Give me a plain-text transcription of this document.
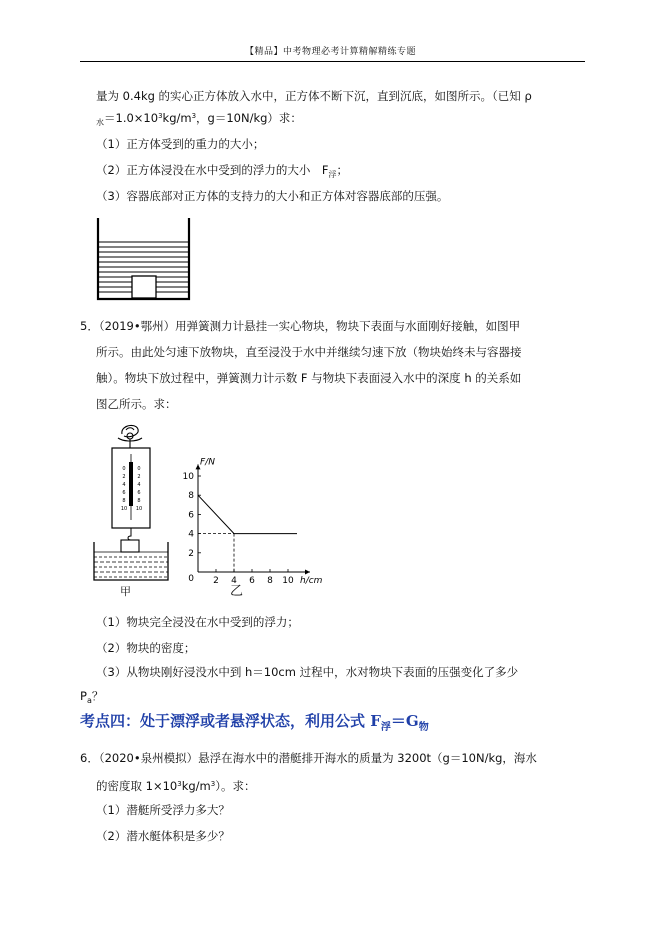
【精品】中考物理必考计算精解精练专题
量为 0.4kg 的实心正方体放入水中，正方体不断下沉，直到沉底，如图所示。（已知 ρ
$_水=1.0\times 10^3kg/m^3$，g＝10N/kg）求：
（1）正方体受到的重力的大小；
（2）正方体浸没在水中受到的浮力的大小　$F_浮$；
（3）容器底部对正方体的支持力的大小和正方体对容器底部的压强。
5．（2019•鄂州）用弹簧测力计悬挂一实心物块，物块下表面与水面刚好接触，如图甲
所示。由此处匀速下放物块，直至浸没于水中并继续匀速下放（物块始终未与容器接
触）。物块下放过程中，弹簧测力计示数 F 与物块下表面浸入水中的深度 h 的关系如
图乙所示。求：
0
2
4
6
8
10
0
2
4
6
8
10
甲
2 4 6 8 10
2
4
6
8
10
0
F/N
h/cm
乙
（1）物块完全浸没在水中受到的浮力；
（2）物块的密度；
（3）从物块刚好浸没水中到 h＝10cm 过程中，水对物块下表面的压强变化了多少
$P_a$？
考点四：处于漂浮或者悬浮状态，利用公式 $F_浮=G_物$
6．（2020•泉州模拟）悬浮在海水中的潜艇排开海水的质量为 3200t（g＝10N/kg，海水
的密度取 $1\times 10^3kg/m^3$）。求：
（1）潜艇所受浮力多大？
（2）潜水艇体积是多少？
